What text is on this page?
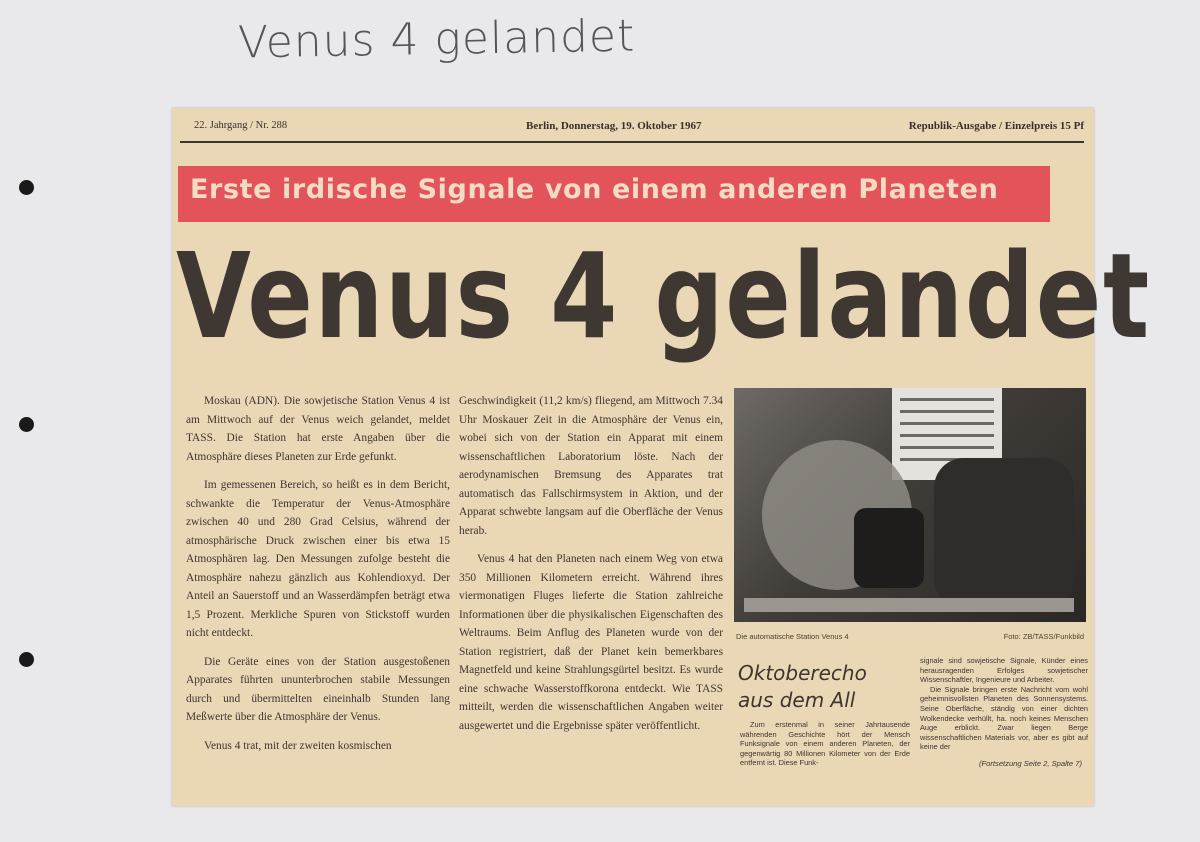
Venus 4 gelandet
22. Jahrgang / Nr. 288	Berlin, Donnerstag, 19. Oktober 1967	Republik-Ausgabe / Einzelpreis 15 Pf
Erste irdische Signale von einem anderen Planeten
Venus 4 gelandet

Moskau (ADN). Die sowjetische Station Venus 4 ist am Mittwoch auf der Venus weich gelandet, meldet TASS. Die Station hat erste Angaben über die Atmosphäre dieses Planeten zur Erde gefunkt.

Im gemessenen Bereich, so heißt es in dem Bericht, schwankte die Temperatur der Venus-Atmosphäre zwischen 40 und 280 Grad Celsius, während der atmosphärische Druck zwischen einer bis etwa 15 Atmosphären lag. Den Messungen zufolge besteht die Atmosphäre nahezu gänzlich aus Kohlendioxyd. Der Anteil an Sauerstoff und an Wasserdämpfen beträgt etwa 1,5 Prozent. Merkliche Spuren von Stickstoff wurden nicht entdeckt.

Die Geräte eines von der Station ausgestoßenen Apparates führten ununterbrochen stabile Messungen durch und übermittelten eineinhalb Stunden lang Meßwerte über die Atmosphäre der Venus.

Venus 4 trat, mit der zweiten kosmischen

Geschwindigkeit (11,2 km/s) fliegend, am Mittwoch 7.34 Uhr Moskauer Zeit in die Atmosphäre der Venus ein, wobei sich von der Station ein Apparat mit einem wissenschaftlichen Laboratorium löste. Nach der aerodynamischen Bremsung des Apparates trat automatisch das Fallschirmsystem in Aktion, und der Apparat schwebte langsam auf die Oberfläche der Venus herab.

Venus 4 hat den Planeten nach einem Weg von etwa 350 Millionen Kilometern erreicht. Während ihres viermonatigen Fluges lieferte die Station zahlreiche Informationen über die physikalischen Eigenschaften des Weltraums. Beim Anflug des Planeten wurde von der Station registriert, daß der Planet kein bemerkbares Magnetfeld und keine Strahlungsgürtel besitzt. Es wurde eine schwache Wasserstoffkorona entdeckt. Wie TASS mitteilt, werden die wissenschaftlichen Angaben weiter ausgewertet und die Ergebnisse später veröffentlicht.

Die automatische Station Venus 4	Foto: ZB/TASS/Funkbild
Oktoberecho aus dem All

Zum erstenmal in seiner Jahrtausende währenden Geschichte hört der Mensch Funksignale von einem anderen Planeten, der gegenwärtig 80 Millionen Kilometer von der Erde entfernt ist. Diese Funk-

signale sind sowjetische Signale, Künder eines herausragenden Erfolges sowjetischer Wissenschaftler, Ingenieure und Arbeiter.

Die Signale bringen erste Nachricht vom wohl geheimnisvollsten Planeten des Sonnensystems. Seine Oberfläche, ständig von einer dichten Wolkendecke verhüllt, ha. noch keines Menschen Auge erblickt. Zwar liegen Berge wissenschaftlichen Materials vor, aber es gibt auf keine der

(Fortsetzung Seite 2, Spalte 7)
